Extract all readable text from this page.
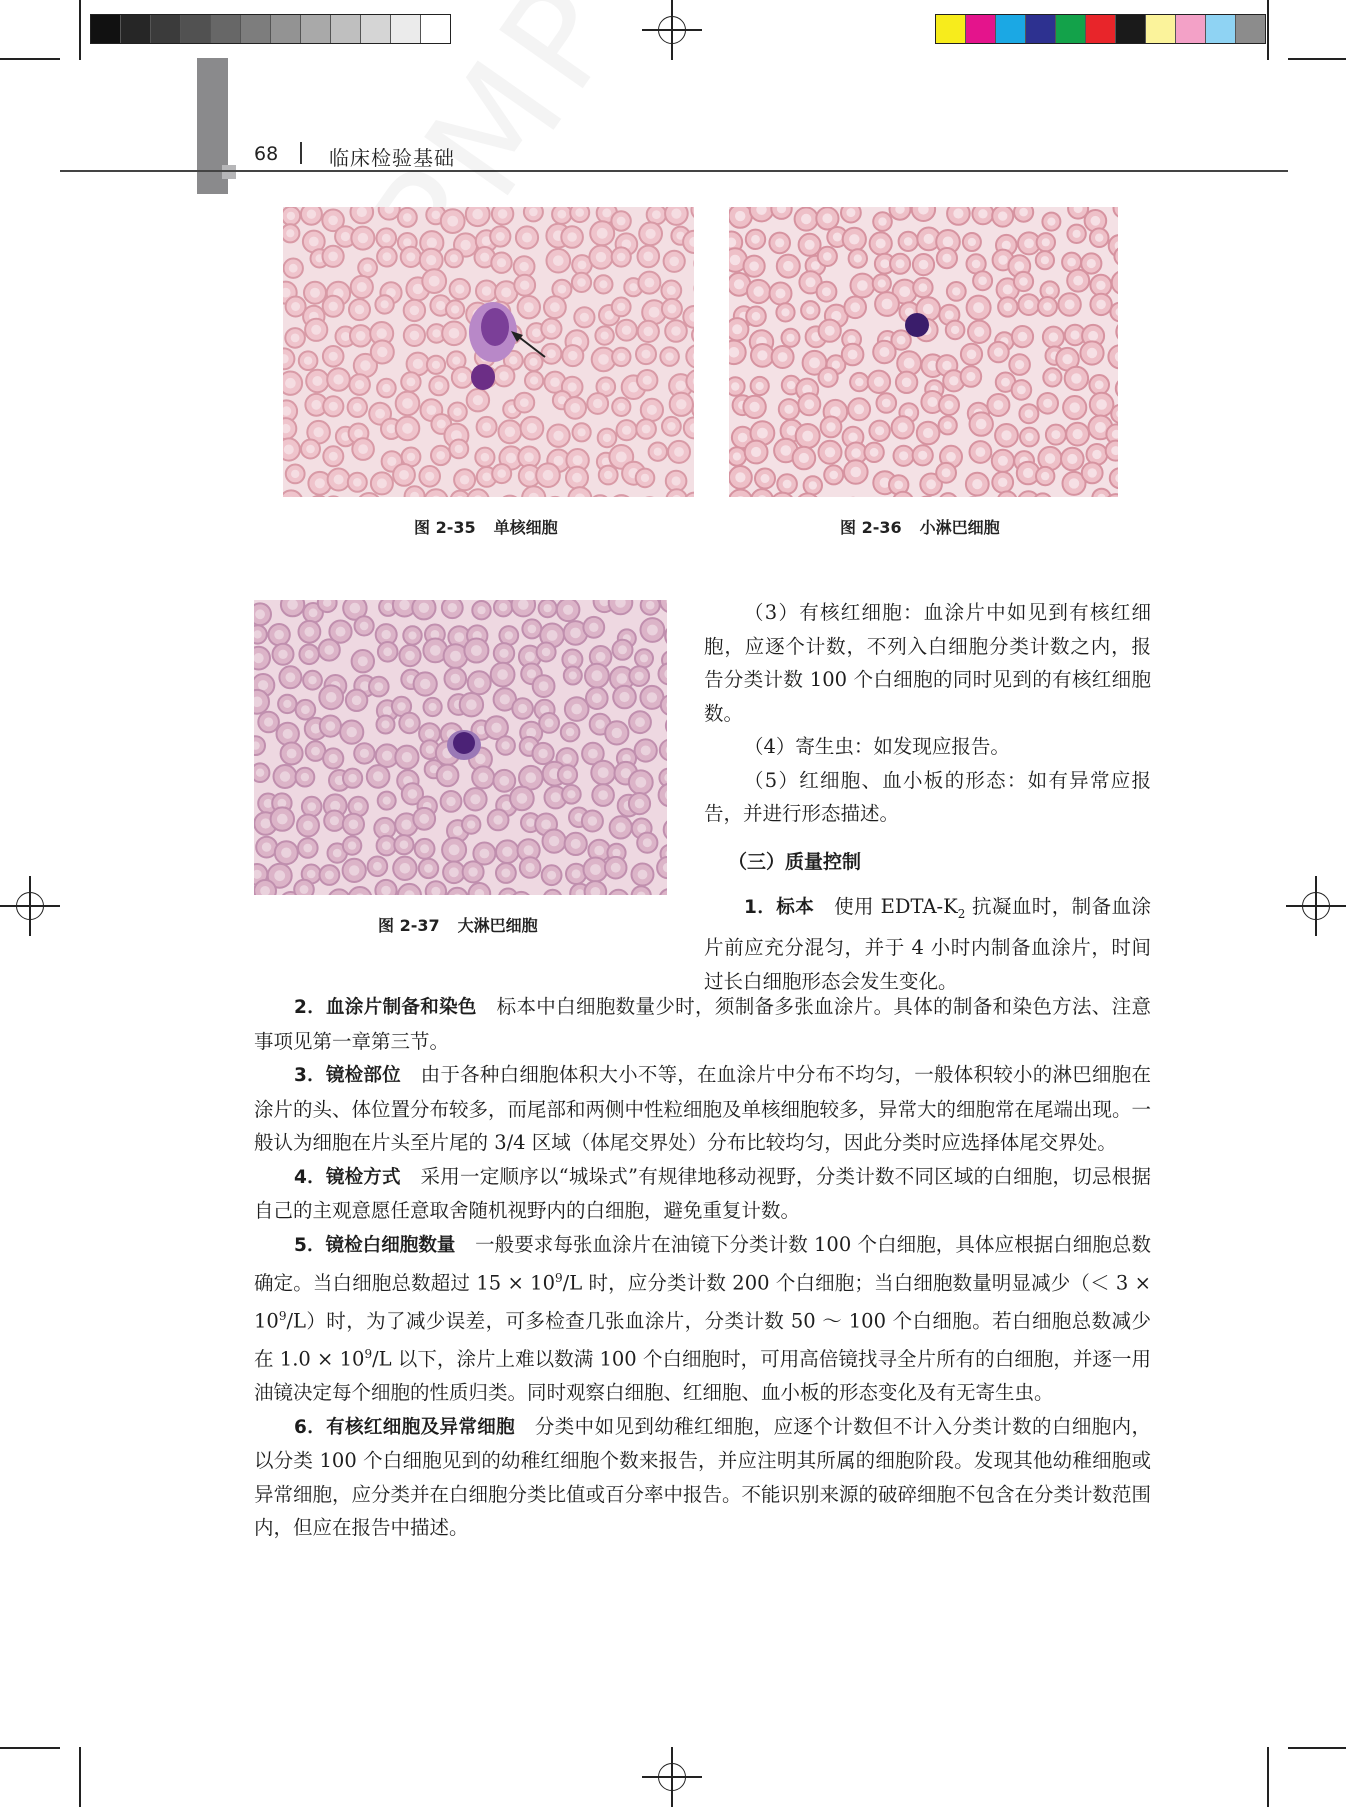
68	临床检验基础
图 2-35 单核细胞	图 2-36 小淋巴细胞
图 2-37 大淋巴细胞

（3）有核红细胞：血涂片中如见到有核红细胞，应逐个计数，不列入白细胞分类计数之内，报告分类计数 100 个白细胞的同时见到的有核红细胞数。

（4）寄生虫：如发现应报告。

（5）红细胞、血小板的形态：如有异常应报告，并进行形态描述。

（三）质量控制

1．标本　 使用 EDTA-$K_2$ 抗凝血时，制备血涂片前应充分混匀，并于 4 小时内制备血涂片，时间过长白细胞形态会发生变化。

2．血涂片制备和染色　 标本中白细胞数量少时，须制备多张血涂片。具体的制备和染色方法、注意事项见第一章第三节。

3．镜检部位　 由于各种白细胞体积大小不等，在血涂片中分布不均匀，一般体积较小的淋巴细胞在涂片的头、体位置分布较多，而尾部和两侧中性粒细胞及单核细胞较多，异常大的细胞常在尾端出现。一般认为细胞在片头至片尾的 3/4 区域（体尾交界处）分布比较均匀，因此分类时应选择体尾交界处。

4．镜检方式　 采用一定顺序以“城垛式”有规律地移动视野，分类计数不同区域的白细胞，切忌根据自己的主观意愿任意取舍随机视野内的白细胞，避免重复计数。

5．镜检白细胞数量　 一般要求每张血涂片在油镜下分类计数 100 个白细胞，具体应根据白细胞总数确定。当白细胞总数超过 $15 \times 10^9/L$ 时，应分类计数 200 个白细胞；当白细胞数量明显减少（＜ $3 \times 10^9/L$）时，为了减少误差，可多检查几张血涂片，分类计数 50 ～ 100 个白细胞。若白细胞总数减少在 $1.0 \times 10^9/L$ 以下，涂片上难以数满 100 个白细胞时，可用高倍镜找寻全片所有的白细胞，并逐一用油镜决定每个细胞的性质归类。同时观察白细胞、红细胞、血小板的形态变化及有无寄生虫。

6．有核红细胞及异常细胞　 分类中如见到幼稚红细胞，应逐个计数但不计入分类计数的白细胞内，以分类 100 个白细胞见到的幼稚红细胞个数来报告，并应注明其所属的细胞阶段。发现其他幼稚细胞或异常细胞，应分类并在白细胞分类比值或百分率中报告。不能识别来源的破碎细胞不包含在分类计数范围内，但应在报告中描述。
